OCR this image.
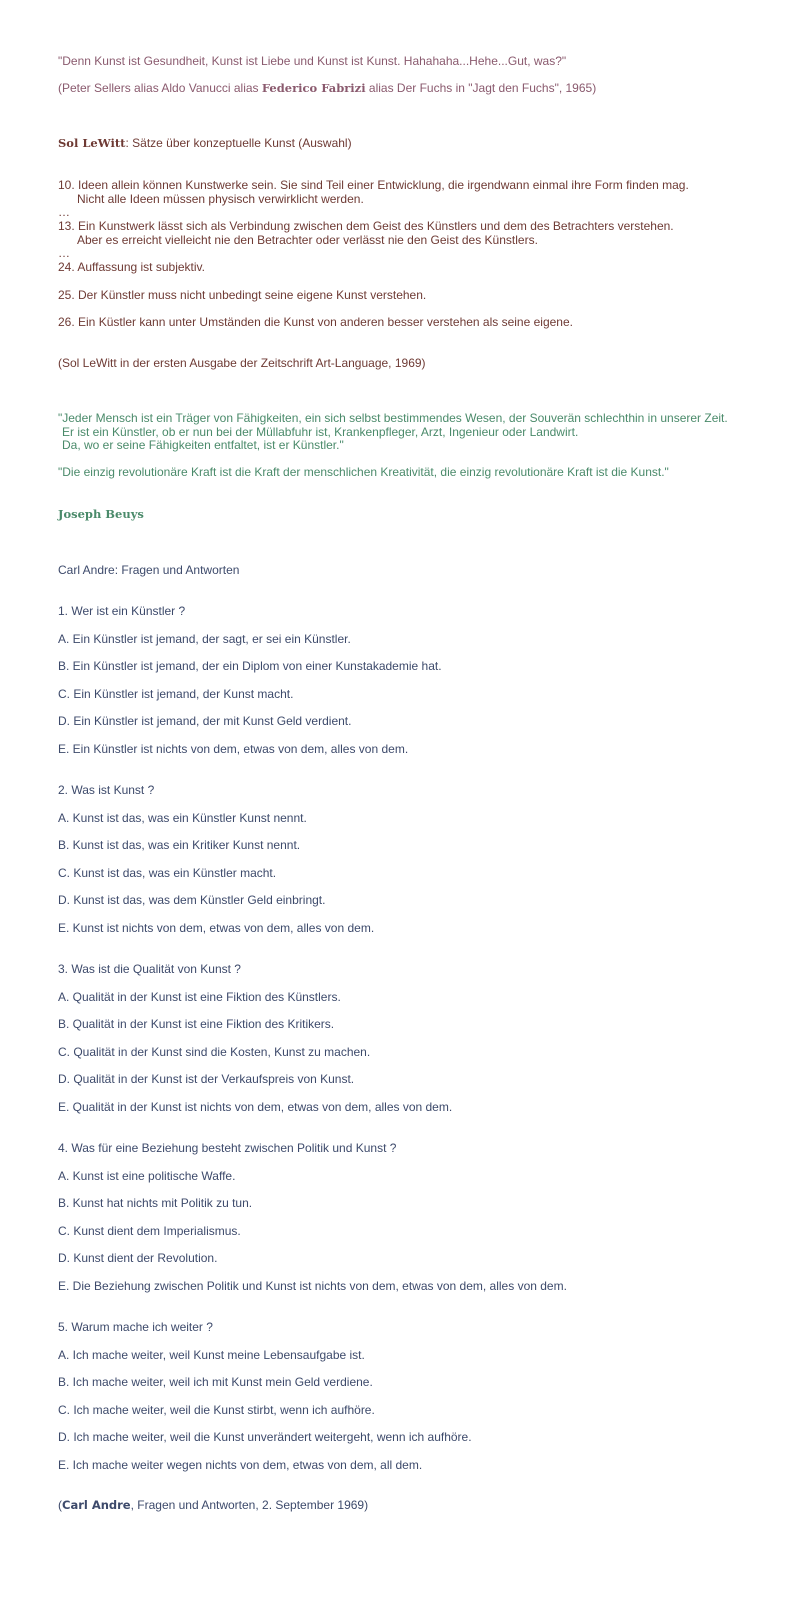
"Denn Kunst ist Gesundheit, Kunst ist Liebe und Kunst ist Kunst. Hahahaha...Hehe...Gut, was?"
(Peter Sellers alias Aldo Vanucci alias Federico Fabrizi alias Der Fuchs in "Jagt den Fuchs", 1965)
Sol LeWitt: Sätze über konzeptuelle Kunst (Auswahl)
10. Ideen allein können Kunstwerke sein. Sie sind Teil einer Entwicklung, die irgendwann einmal ihre Form finden mag.
Nicht alle Ideen müssen physisch verwirklicht werden.
…
13. Ein Kunstwerk lässt sich als Verbindung zwischen dem Geist des Künstlers und dem des Betrachters verstehen.
Aber es erreicht vielleicht nie den Betrachter oder verlässt nie den Geist des Künstlers.
…
24. Auffassung ist subjektiv.
25. Der Künstler muss nicht unbedingt seine eigene Kunst verstehen.
26. Ein Küstler kann unter Umständen die Kunst von anderen besser verstehen als seine eigene.
(Sol LeWitt in der ersten Ausgabe der Zeitschrift Art-Language, 1969)
"Jeder Mensch ist ein Träger von Fähigkeiten, ein sich selbst bestimmendes Wesen, der Souverän schlechthin in unserer Zeit.
Er ist ein Künstler, ob er nun bei der Müllabfuhr ist, Krankenpfleger, Arzt, Ingenieur oder Landwirt.
Da, wo er seine Fähigkeiten entfaltet, ist er Künstler."
"Die einzig revolutionäre Kraft ist die Kraft der menschlichen Kreativität, die einzig revolutionäre Kraft ist die Kunst."
Joseph Beuys
Carl Andre: Fragen und Antworten
1. Wer ist ein Künstler ?
A. Ein Künstler ist jemand, der sagt, er sei ein Künstler.
B. Ein Künstler ist jemand, der ein Diplom von einer Kunstakademie hat.
C. Ein Künstler ist jemand, der Kunst macht.
D. Ein Künstler ist jemand, der mit Kunst Geld verdient.
E. Ein Künstler ist nichts von dem, etwas von dem, alles von dem.
2. Was ist Kunst ?
A. Kunst ist das, was ein Künstler Kunst nennt.
B. Kunst ist das, was ein Kritiker Kunst nennt.
C. Kunst ist das, was ein Künstler macht.
D. Kunst ist das, was dem Künstler Geld einbringt.
E. Kunst ist nichts von dem, etwas von dem, alles von dem.
3. Was ist die Qualität von Kunst ?
A. Qualität in der Kunst ist eine Fiktion des Künstlers.
B. Qualität in der Kunst ist eine Fiktion des Kritikers.
C. Qualität in der Kunst sind die Kosten, Kunst zu machen.
D. Qualität in der Kunst ist der Verkaufspreis von Kunst.
E. Qualität in der Kunst ist nichts von dem, etwas von dem, alles von dem.
4. Was für eine Beziehung besteht zwischen Politik und Kunst ?
A. Kunst ist eine politische Waffe.
B. Kunst hat nichts mit Politik zu tun.
C. Kunst dient dem Imperialismus.
D. Kunst dient der Revolution.
E. Die Beziehung zwischen Politik und Kunst ist nichts von dem, etwas von dem, alles von dem.
5. Warum mache ich weiter ?
A. Ich mache weiter, weil Kunst meine Lebensaufgabe ist.
B. Ich mache weiter, weil ich mit Kunst mein Geld verdiene.
C. Ich mache weiter, weil die Kunst stirbt, wenn ich aufhöre.
D. Ich mache weiter, weil die Kunst unverändert weitergeht, wenn ich aufhöre.
E. Ich mache weiter wegen nichts von dem, etwas von dem, all dem.
(Carl Andre, Fragen und Antworten, 2. September 1969)
